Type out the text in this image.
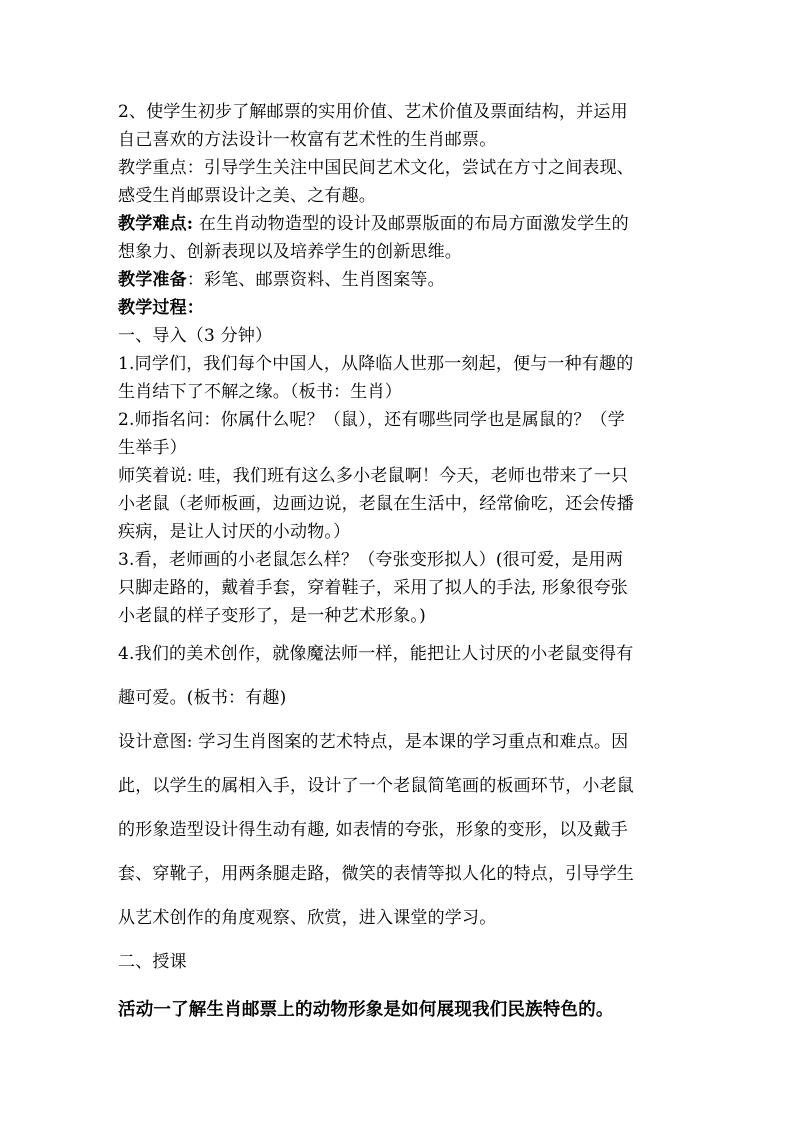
2、使学生初步了解邮票的实用价值、艺术价值及票面结构，并运用
自己喜欢的方法设计一枚富有艺术性的生肖邮票。
教学重点：引导学生关注中国民间艺术文化，尝试在方寸之间表现、
感受生肖邮票设计之美、之有趣。
教学难点: 在生肖动物造型的设计及邮票版面的布局方面激发学生的
想象力、创新表现以及培养学生的创新思维。
教学准备：彩笔、邮票资料、生肖图案等。
教学过程：
一、导入（3 分钟）
1.同学们，我们每个中国人，从降临人世那一刻起，便与一种有趣的
生肖结下了不解之缘。（板书：生肖）
2.师指名问：你属什么呢？（鼠），还有哪些同学也是属鼠的？（学
生举手）
师笑着说: 哇，我们班有这么多小老鼠啊！今天，老师也带来了一只
小老鼠（老师板画，边画边说，老鼠在生活中，经常偷吃，还会传播
疾病，是让人讨厌的小动物。）
3.看，老师画的小老鼠怎么样？（夸张变形拟人）(很可爱，是用两
只脚走路的，戴着手套，穿着鞋子，采用了拟人的手法, 形象很夸张
小老鼠的样子变形了，是一种艺术形象。)
4.我们的美术创作，就像魔法师一样，能把让人讨厌的小老鼠变得有
趣可爱。(板书：有趣)
设计意图: 学习生肖图案的艺术特点，是本课的学习重点和难点。因
此，以学生的属相入手，设计了一个老鼠简笔画的板画环节，小老鼠
的形象造型设计得生动有趣, 如表情的夸张，形象的变形，以及戴手
套、穿靴子，用两条腿走路，微笑的表情等拟人化的特点，引导学生
从艺术创作的角度观察、欣赏，进入课堂的学习。
二、授课
活动一了解生肖邮票上的动物形象是如何展现我们民族特色的。
